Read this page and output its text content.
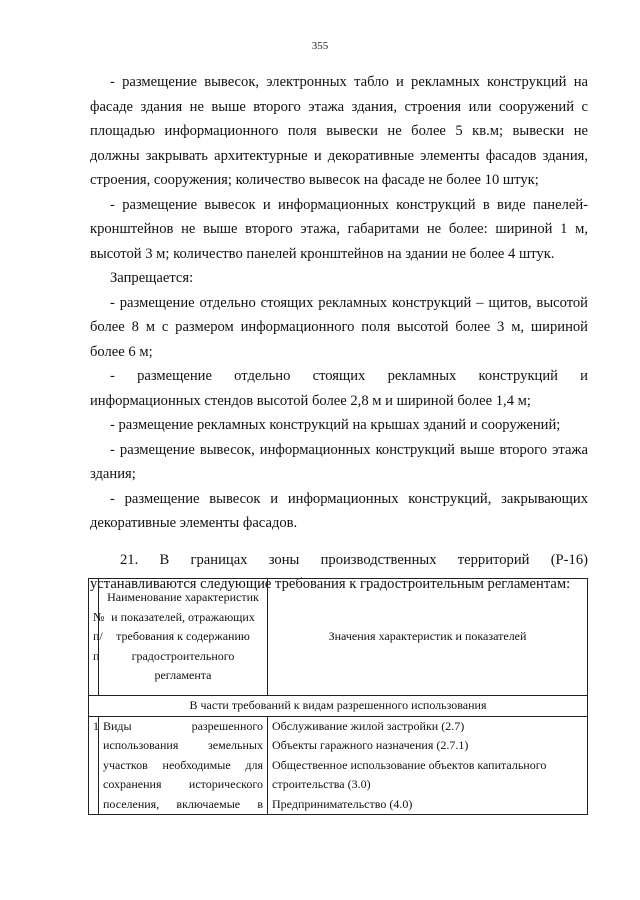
355

- размещение вывесок, электронных табло и рекламных конструкций на фасаде здания не выше второго этажа здания, строения или сооружений с площадью информационного поля вывески не более 5 кв.м; вывески не должны закрывать архитектурные и декоративные элементы фасадов здания, строения, сооружения; количество вывесок на фасаде не более 10 штук;

- размещение вывесок и информационных конструкций в виде панелей-кронштейнов не выше второго этажа, габаритами не более: шириной 1 м, высотой 3 м; количество панелей кронштейнов на здании не более 4 штук.

Запрещается:

- размещение отдельно стоящих рекламных конструкций – щитов, высотой более 8 м с размером информационного поля высотой более 3 м, шириной более 6 м;

- размещение отдельно стоящих рекламных конструкций и информационных стендов высотой более 2,8 м и шириной более 1,4 м;

- размещение рекламных конструкций на крышах зданий и сооружений;

- размещение вывесок, информационных конструкций выше второго этажа здания;

- размещение вывесок и информационных конструкций, закрывающих декоративные элементы фасадов.

21. В границах зоны производственных территорий (Р-16) устанавливаются следующие требования к градостроительным регламентам:

№ п/п	Наименование характеристик и показателей, отражающих требования к содержанию градостроительного регламента	Значения характеристик и показателей
В части требований к видам разрешенного использования		
1	Виды разрешенного использования земельных участков необходимые для сохранения исторического поселения, включаемые в	Обслуживание жилой застройки (2.7)
Объекты гаражного назначения (2.7.1)
Общественное использование объектов капитального строительства (3.0)
Предпринимательство (4.0)
